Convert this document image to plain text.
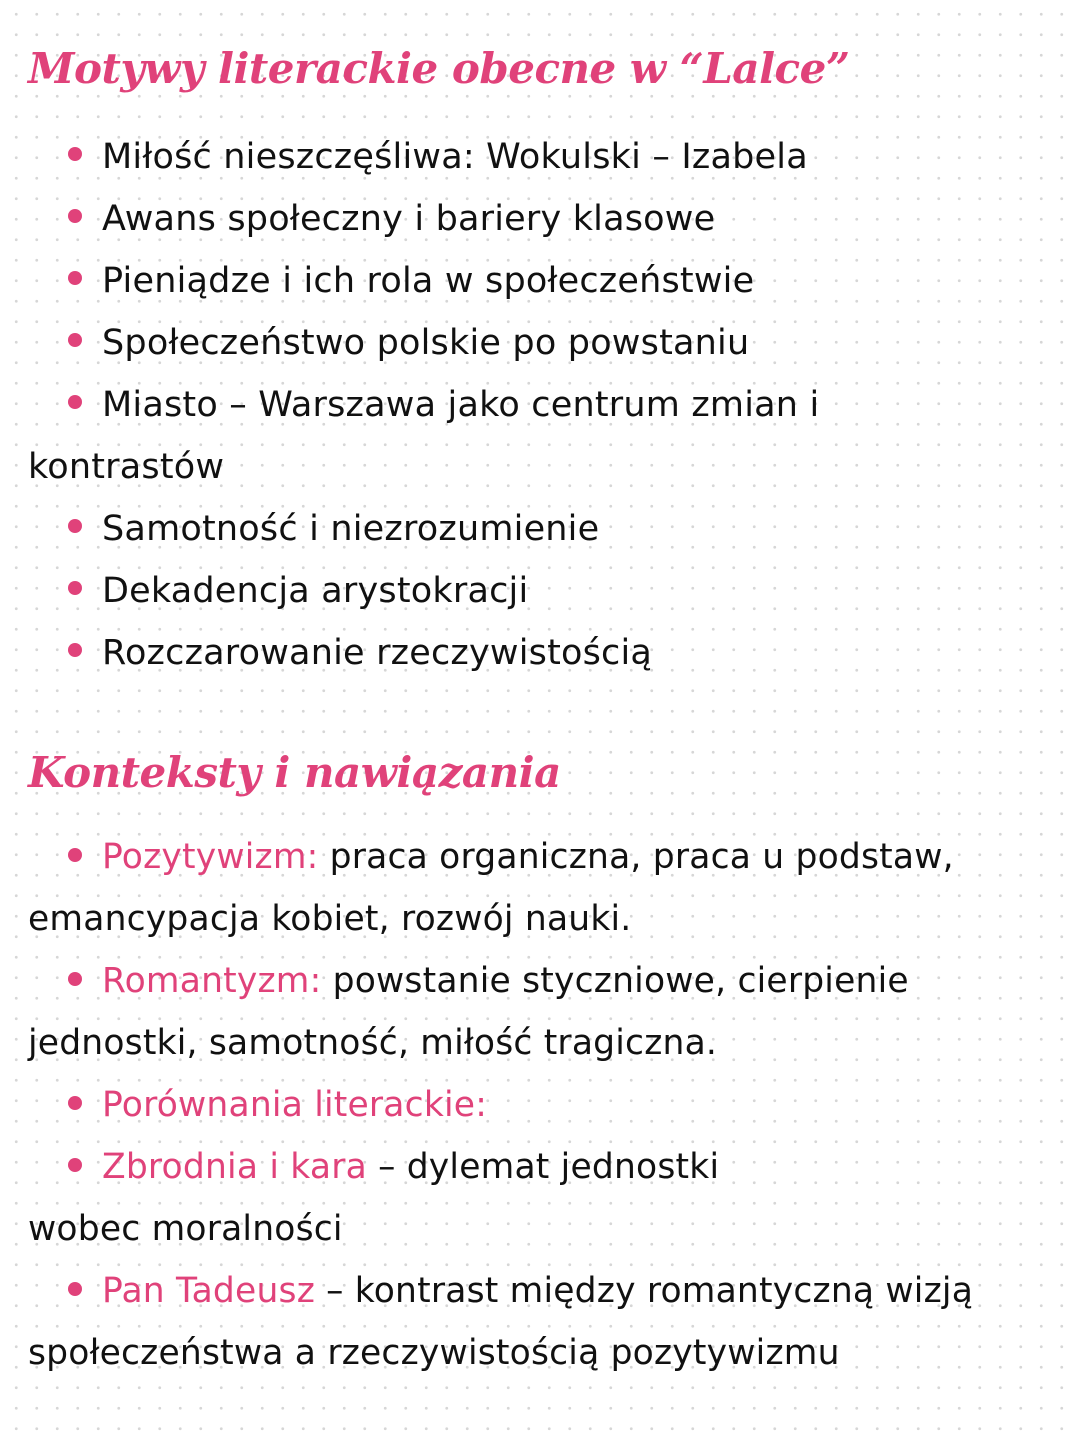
Motywy literackie obecne w “Lalce”
Miłość nieszczęśliwa: Wokulski – Izabela
Awans społeczny i bariery klasowe
Pieniądze i ich rola w społeczeństwie
Społeczeństwo polskie po powstaniu
Miasto – Warszawa jako centrum zmian i kontrastów
Samotność i niezrozumienie
Dekadencja arystokracji
Rozczarowanie rzeczywistością
Konteksty i nawiązania
Pozytywizm: praca organiczna, praca u podstaw, emancypacja kobiet, rozwój nauki.
Romantyzm: powstanie styczniowe, cierpienie jednostki, samotność, miłość tragiczna.
Porównania literackie:
Zbrodnia i kara – dylemat jednostki wobec moralności
Pan Tadeusz – kontrast między romantyczną wizją społeczeństwa a rzeczywistością pozytywizmu
